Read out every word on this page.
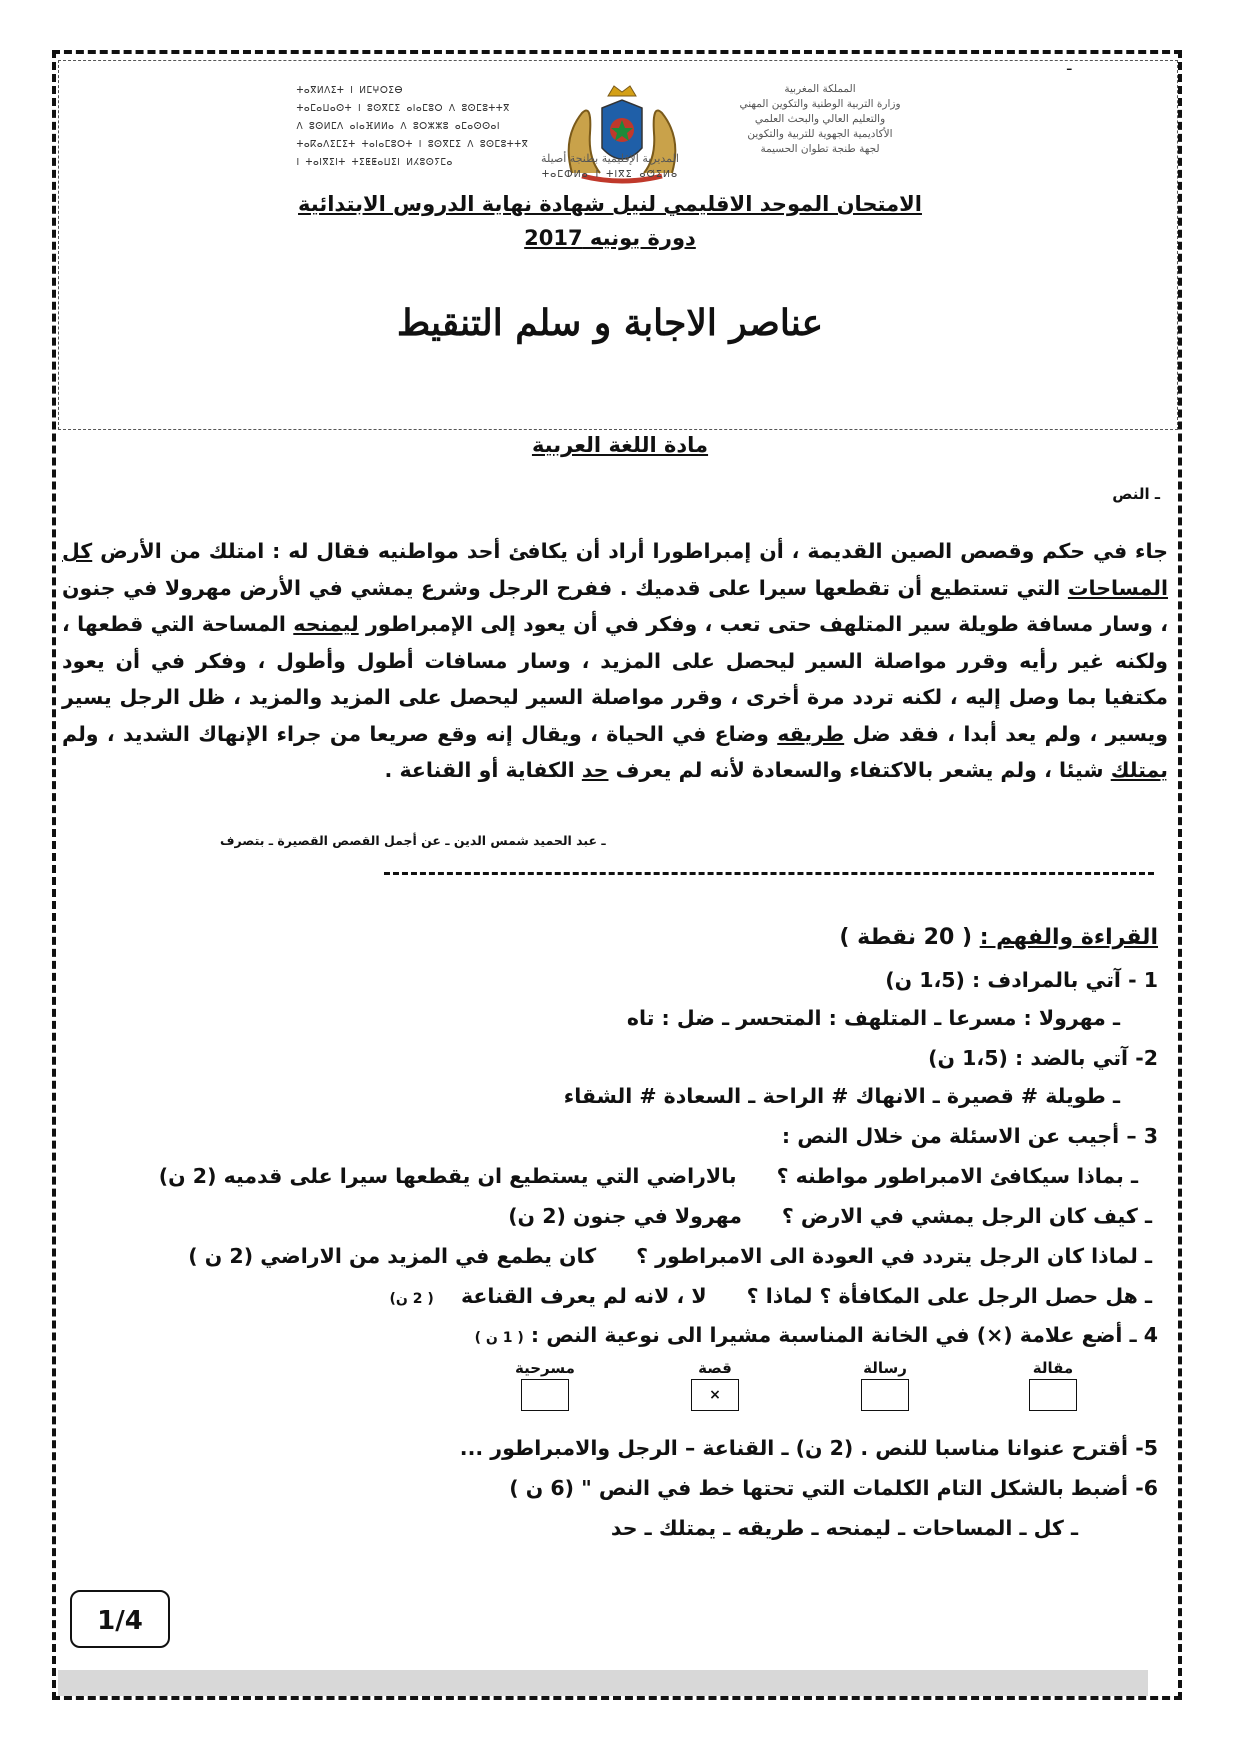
-
ⵜⴰⴳⵍⴷⵉⵜ ⵏ ⵍⵎⵖⵔⵉⴱ
ⵜⴰⵎⴰⵡⴰⵙⵜ ⵏ ⵓⵙⴳⵎⵉ ⴰⵏⴰⵎⵓⵔ ⴷ ⵓⵙⵎⵓⵜⵜⴳ
ⴷ ⵓⵙⵍⵎⴷ ⴰⵏⴰⴼⵍⵍⴰ ⴷ ⵓⵔⵣⵣⵓ ⴰⵎⴰⵙⵙⴰⵏ
ⵜⴰⴽⴰⴷⵉⵎⵉⵜ ⵜⴰⵏⴰⵎⵓⵔⵜ ⵏ ⵓⵙⴳⵎⵉ ⴷ ⵓⵙⵎⵓⵜⵜⴳ
ⵏ ⵜⴰⵏⴳⵉⵏⵜ ⵜⵉⵟⵟⴰⵡⵉⵏ ⵍⵃⵓⵙⵢⵎⴰ
المملكة المغربية
وزارة التربية الوطنية والتكوين المهني
والتعليم العالي والبحث العلمي
الأكاديمية الجهوية للتربية والتكوين
لجهة طنجة تطوان الحسيمة
المديرية الإقليمية بطنجة أصيلة
ⵜⴰⵎⵀⵍⴰ ⵏ ⵜⵏⴳⵉ ⴰⵚⵉⵍⴰ
الامتحان الموحد الاقليمي لنيل شهادة نهاية الدروس الابتدائية
دورة يونيه 2017
عناصر الاجابة و سلم التنقيط
مادة اللغة العربية
ـ النص
جاء في حكم وقصص الصين القديمة ، أن إمبراطورا أراد أن يكافئ أحد مواطنيه فقال له : امتلك من الأرض كل المساحات التي تستطيع أن تقطعها سيرا على قدميك . ففرح الرجل وشرع يمشي في الأرض مهرولا في جنون ، وسار مسافة طويلة سير المتلهف حتى تعب ، وفكر في أن يعود إلى الإمبراطور ليمنحه المساحة التي قطعها ، ولكنه غير رأيه وقرر مواصلة السير ليحصل على المزيد ، وسار مسافات أطول وأطول ، وفكر في أن يعود مكتفيا بما وصل إليه ، لكنه تردد مرة أخرى ، وقرر مواصلة السير ليحصل على المزيد والمزيد ، ظل الرجل يسير ويسير ، ولم يعد أبدا ، فقد ضل طريقه وضاع في الحياة ، ويقال إنه وقع صريعا من جراء الإنهاك الشديد ، ولم يمتلك شيئا ، ولم يشعر بالاكتفاء والسعادة لأنه لم يعرف حد الكفاية أو القناعة .
ـ عبد الحميد شمس الدين ـ عن أجمل القصص القصيرة ـ بتصرف
القراءة والفهم : ( 20 نقطة )
1 - آتي بالمرادف : (1،5 ن)
ـ مهرولا : مسرعا ـ المتلهف : المتحسر ـ ضل : تاه
2- آتي بالضد : (1،5 ن)
ـ طويلة # قصيرة ـ الانهاك # الراحة ـ السعادة # الشقاء
3 – أجيب عن الاسئلة من خلال النص :
ـ بماذا سيكافئ الامبراطور مواطنه ؟بالاراضي التي يستطيع ان يقطعها سيرا على قدميه (2 ن)
ـ كيف كان الرجل يمشي في الارض ؟مهرولا في جنون (2 ن)
ـ لماذا كان الرجل يتردد في العودة الى الامبراطور ؟كان يطمع في المزيد من الاراضي (2 ن )
ـ هل حصل الرجل على المكافأة ؟ لماذا ؟لا ، لانه لم يعرف القناعة ( 2 ن)
4 ـ أضع علامة (×) في الخانة المناسبة مشيرا الى نوعية النص : ( 1 ن )
مقالة
رسالة
قصة
×
مسرحية
5- أقترح عنوانا مناسبا للنص . (2 ن) ـ القناعة – الرجل والامبراطور ...
6- أضبط بالشكل التام الكلمات التي تحتها خط في النص " (6 ن )
ـ كل ـ المساحات ـ ليمنحه ـ طريقه ـ يمتلك ـ حد
1/4
